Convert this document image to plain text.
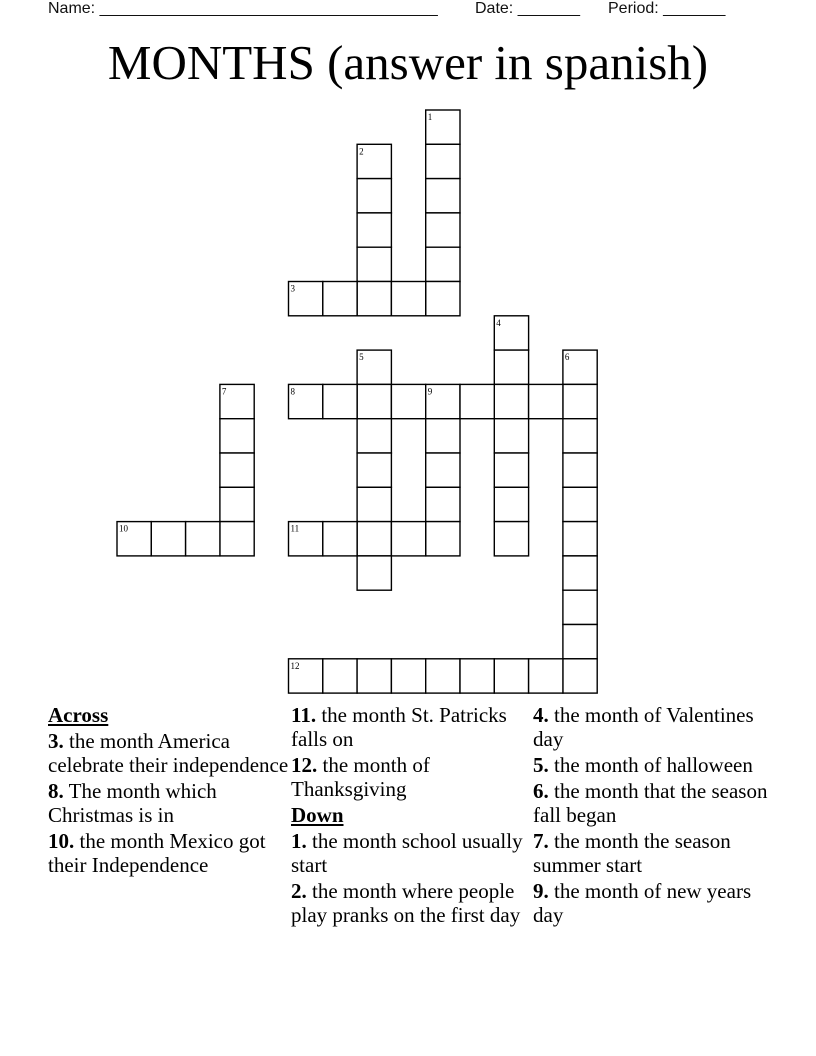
Name: ______________________________________ Date: _______ Period: _______
MONTHS (answer in spanish)
1
2
3
4
5	6
7	8	9
10	11
12
Across
3. the month America celebrate their independence
8. The month which Christmas is in
10. the month Mexico got their Independence
11. the month St. Patricks falls on
12. the month of Thanksgiving
Down
1. the month school usually start
2. the month where people play pranks on the first day
4. the month of Valentines day
5. the month of halloween
6. the month that the season fall began
7. the month the season summer start
9. the month of new years day
